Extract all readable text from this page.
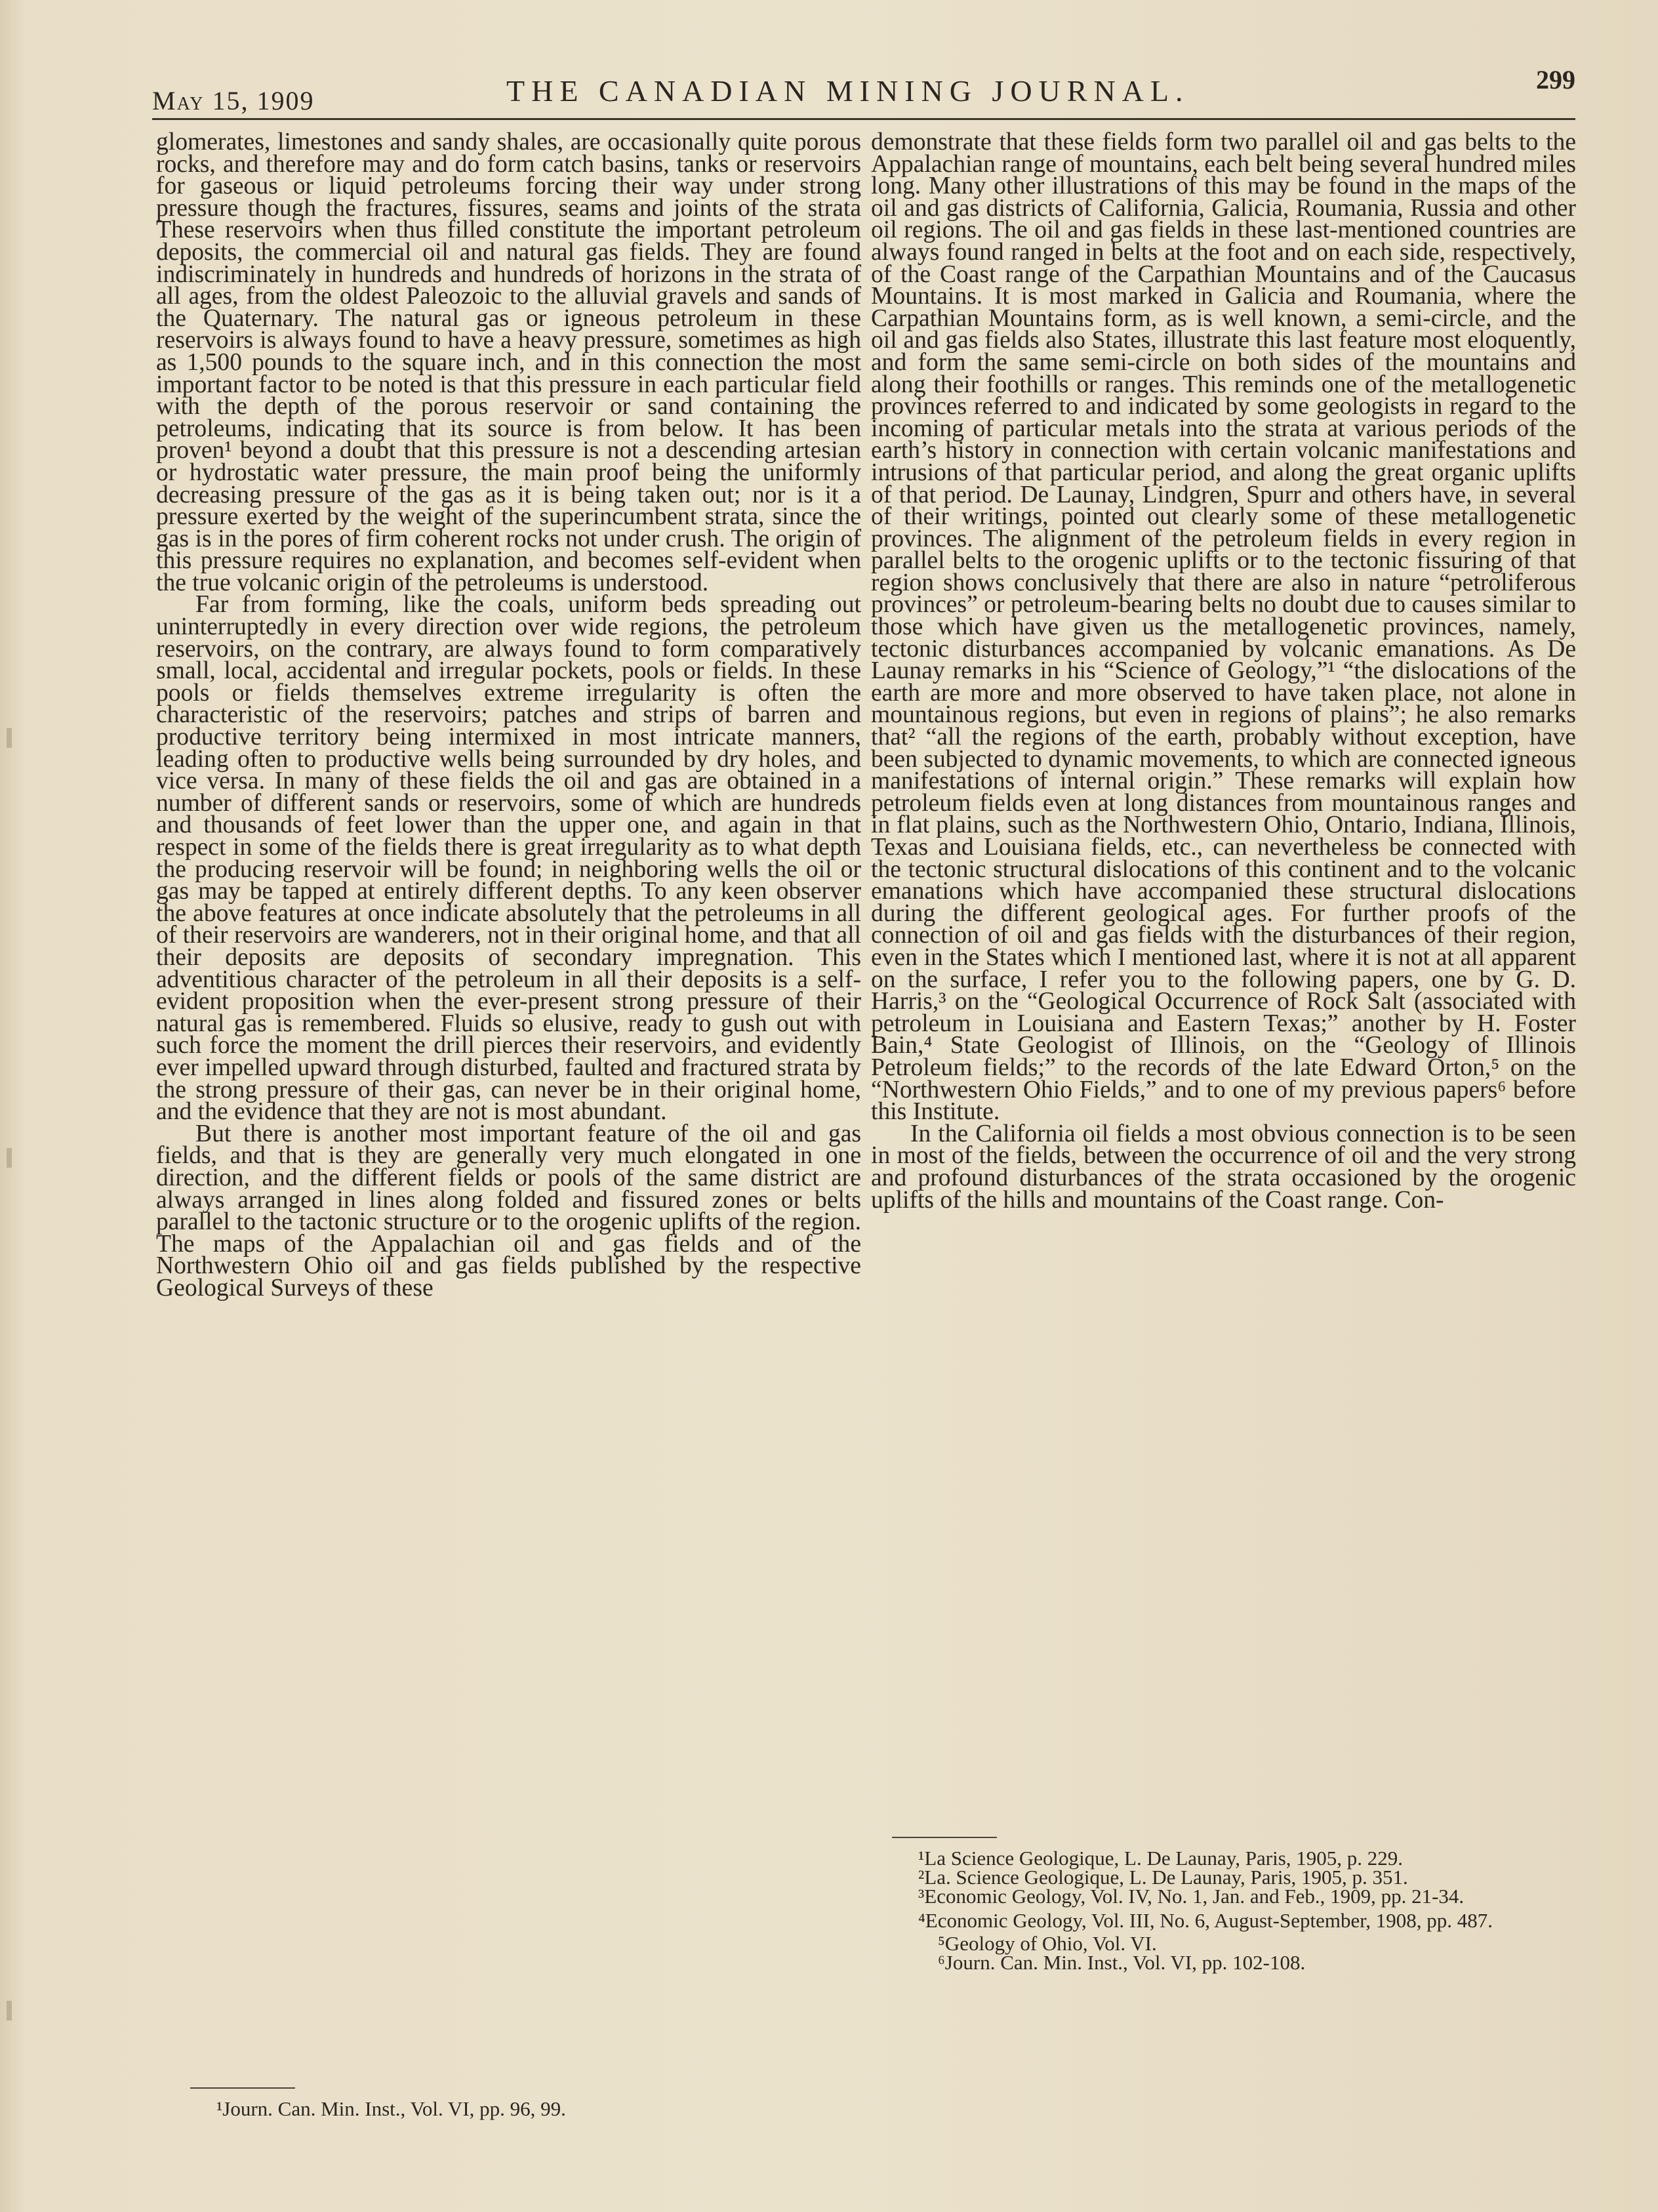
May 15, 1909	THE CANADIAN MINING JOURNAL.	299

glomerates, limestones and sandy shales, are occasionally quite porous rocks, and therefore may and do form catch basins, tanks or reservoirs for gaseous or liquid petroleums forcing their way under strong pressure though the fractures, fissures, seams and joints of the strata These reservoirs when thus filled constitute the important petroleum deposits, the commercial oil and natural gas fields. They are found indiscriminately in hundreds and hundreds of horizons in the strata of all ages, from the oldest Paleozoic to the alluvial gravels and sands of the Quaternary. The natural gas or igneous petroleum in these reservoirs is always found to have a heavy pressure, sometimes as high as 1,500 pounds to the square inch, and in this connection the most important factor to be noted is that this pressure in each particular field with the depth of the porous reservoir or sand containing the petroleums, indicating that its source is from below. It has been proven¹ beyond a doubt that this pressure is not a descending artesian or hydrostatic water pressure, the main proof being the uniformly decreasing pressure of the gas as it is being taken out; nor is it a pressure exerted by the weight of the superincumbent strata, since the gas is in the pores of firm coherent rocks not under crush. The origin of this pressure requires no explanation, and becomes self-evident when the true volcanic origin of the petroleums is understood.

Far from forming, like the coals, uniform beds spreading out uninterruptedly in every direction over wide regions, the petroleum reservoirs, on the contrary, are always found to form comparatively small, local, accidental and irregular pockets, pools or fields. In these pools or fields themselves extreme irregularity is often the characteristic of the reservoirs; patches and strips of barren and productive territory being intermixed in most intricate manners, leading often to productive wells being surrounded by dry holes, and vice versa. In many of these fields the oil and gas are obtained in a number of different sands or reservoirs, some of which are hundreds and thousands of feet lower than the upper one, and again in that respect in some of the fields there is great irregularity as to what depth the producing reservoir will be found; in neighboring wells the oil or gas may be tapped at entirely different depths. To any keen observer the above features at once indicate absolutely that the petroleums in all of their reservoirs are wanderers, not in their original home, and that all their deposits are deposits of secondary impregnation. This adventitious character of the petroleum in all their deposits is a self-evident proposition when the ever-present strong pressure of their natural gas is remembered. Fluids so elusive, ready to gush out with such force the moment the drill pierces their reservoirs, and evidently ever impelled upward through disturbed, faulted and fractured strata by the strong pressure of their gas, can never be in their original home, and the evidence that they are not is most abundant.

But there is another most important feature of the oil and gas fields, and that is they are generally very much elongated in one direction, and the different fields or pools of the same district are always arranged in lines along folded and fissured zones or belts parallel to the tactonic structure or to the orogenic uplifts of the region. The maps of the Appalachian oil and gas fields and of the Northwestern Ohio oil and gas fields published by the respective Geological Surveys of these

demonstrate that these fields form two parallel oil and gas belts to the Appalachian range of mountains, each belt being several hundred miles long. Many other illustrations of this may be found in the maps of the oil and gas districts of California, Galicia, Roumania, Russia and other oil regions. The oil and gas fields in these last-mentioned countries are always found ranged in belts at the foot and on each side, respectively, of the Coast range of the Carpathian Mountains and of the Caucasus Mountains. It is most marked in Galicia and Roumania, where the Carpathian Mountains form, as is well known, a semi-circle, and the oil and gas fields also States, illustrate this last feature most eloquently, and form the same semi-circle on both sides of the mountains and along their foothills or ranges. This reminds one of the metallogenetic provinces referred to and indicated by some geologists in regard to the incoming of particular metals into the strata at various periods of the earth’s history in connection with certain volcanic manifestations and intrusions of that particular period, and along the great organic uplifts of that period. De Launay, Lindgren, Spurr and others have, in several of their writings, pointed out clearly some of these metallogenetic provinces. The alignment of the petroleum fields in every region in parallel belts to the orogenic uplifts or to the tectonic fissuring of that region shows conclusively that there are also in nature “petroliferous provinces” or petroleum-bearing belts no doubt due to causes similar to those which have given us the metallogenetic provinces, namely, tectonic disturbances accompanied by volcanic emanations. As De Launay remarks in his “Science of Geology,”¹ “the dislocations of the earth are more and more observed to have taken place, not alone in mountainous regions, but even in regions of plains”; he also remarks that² “all the regions of the earth, probably without exception, have been subjected to dynamic movements, to which are connected igneous manifestations of internal origin.” These remarks will explain how petroleum fields even at long distances from mountainous ranges and in flat plains, such as the Northwestern Ohio, Ontario, Indiana, Illinois, Texas and Louisiana fields, etc., can nevertheless be connected with the tectonic structural dislocations of this continent and to the volcanic emanations which have accompanied these structural dislocations during the different geological ages. For further proofs of the connection of oil and gas fields with the disturbances of their region, even in the States which I mentioned last, where it is not at all apparent on the surface, I refer you to the following papers, one by G. D. Harris,³ on the “Geological Occurrence of Rock Salt (associated with petroleum in Louisiana and Eastern Texas;” another by H. Foster Bain,⁴ State Geologist of Illinois, on the “Geology of Illinois Petroleum fields;” to the records of the late Edward Orton,⁵ on the “Northwestern Ohio Fields,” and to one of my previous papers⁶ before this Institute.

In the California oil fields a most obvious connection is to be seen in most of the fields, between the occurrence of oil and the very strong and profound disturbances of the strata occasioned by the orogenic uplifts of the hills and mountains of the Coast range. Con-

¹Journ. Can. Min. Inst., Vol. VI, pp. 96, 99.

¹La Science Geologique, L. De Launay, Paris, 1905, p. 229.

²La. Science Geologique, L. De Launay, Paris, 1905, p. 351.

³Economic Geology, Vol. IV, No. 1, Jan. and Feb., 1909, pp. 21-34.

⁴Economic Geology, Vol. III, No. 6, August-September, 1908, pp. 487.

⁵Geology of Ohio, Vol. VI.

⁶Journ. Can. Min. Inst., Vol. VI, pp. 102-108.
